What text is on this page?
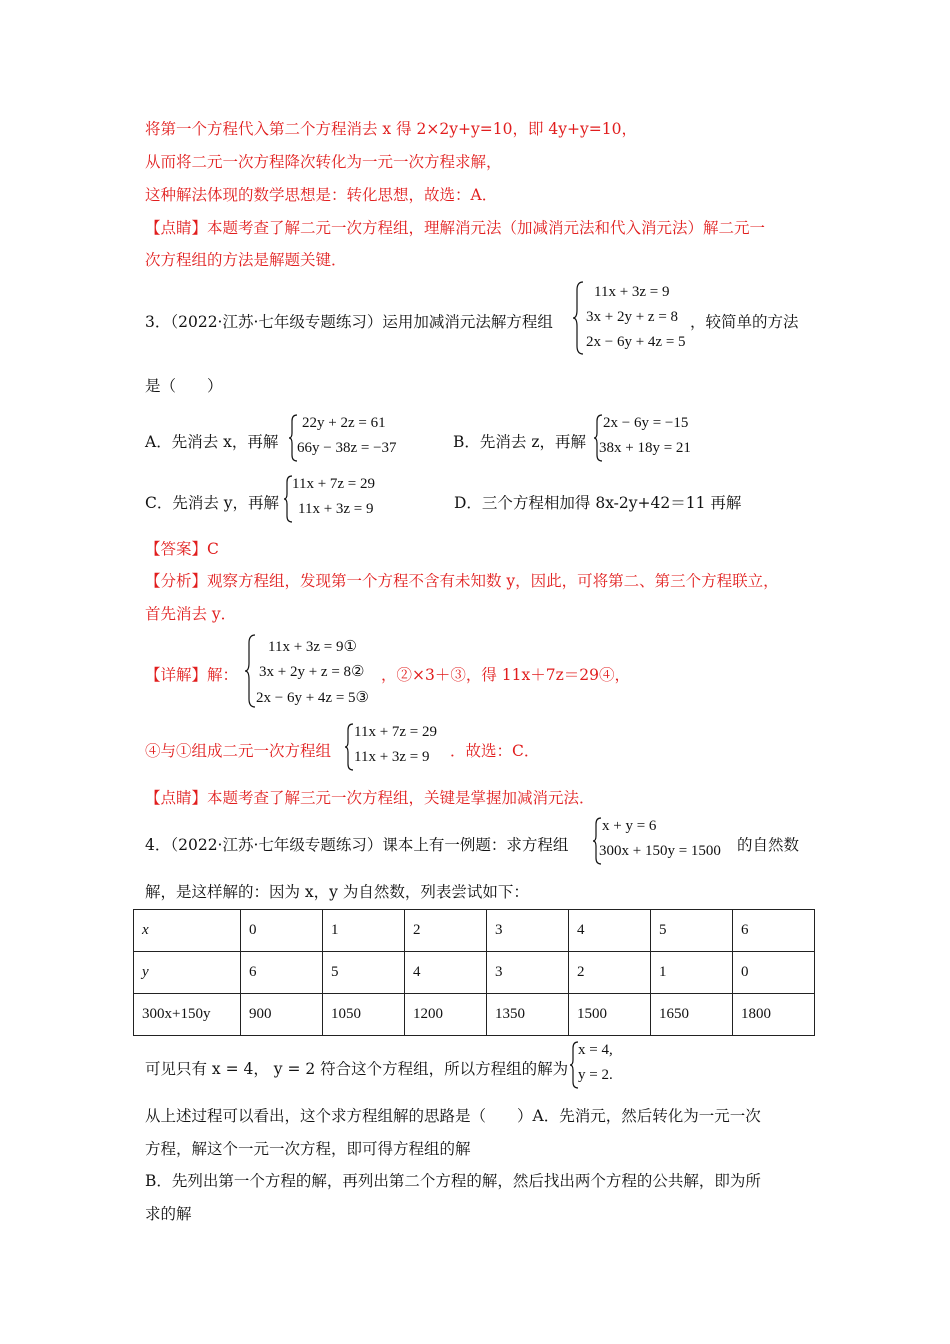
将第一个方程代入第二个方程消去 x 得 2×2y+y=10，即 4y+y=10，
从而将二元一次方程降次转化为一元一次方程求解，
这种解法体现的数学思想是：转化思想，故选：A．
【点睛】本题考查了解二元一次方程组，理解消元法（加减消元法和代入消元法）解二元一
次方程组的方法是解题关键．
3．（2022·江苏·七年级专题练习）运用加减消元法解方程组
11x + 3z = 9
3x + 2y + z = 8
2x − 6y + 4z = 5
，较简单的方法
是（　　）
A．先消去 x，再解
22y + 2z = 61
66y − 38z = −37	B．先消去 z，再解
2x − 6y = −15
38x + 18y = 21
C．先消去 y，再解
11x + 7z = 29
11x + 3z = 9	D．三个方程相加得 8x-2y+42＝11 再解
【答案】C
【分析】观察方程组，发现第一个方程不含有未知数 y，因此，可将第二、第三个方程联立，
首先消去 y．
【详解】解：
11x + 3z = 9①
3x + 2y + z = 8②
2x − 6y + 4z = 5③
，②×3＋③，得 11x＋7z＝29④，
④与①组成二元一次方程组
11x + 7z = 29
11x + 3z = 9 ．故选：C．
【点睛】本题考查了解三元一次方程组，关键是掌握加减消元法．
4．（2022·江苏·七年级专题练习）课本上有一例题：求方程组
x + y = 6
300x + 150y = 1500 的自然数
解，是这样解的：因为 x，y 为自然数，列表尝试如下：
x	0	1	2	3	4	5	6
y	6	5	4	3	2	1	0
300x+150y	900	1050	1200	1350	1500	1650	1800
可见只有 x = 4， y = 2 符合这个方程组，所以方程组的解为
x = 4,
y = 2.
从上述过程可以看出，这个求方程组解的思路是（　　）A．先消元，然后转化为一元一次
方程，解这个一元一次方程，即可得方程组的解
B．先列出第一个方程的解，再列出第二个方程的解，然后找出两个方程的公共解，即为所
求的解
